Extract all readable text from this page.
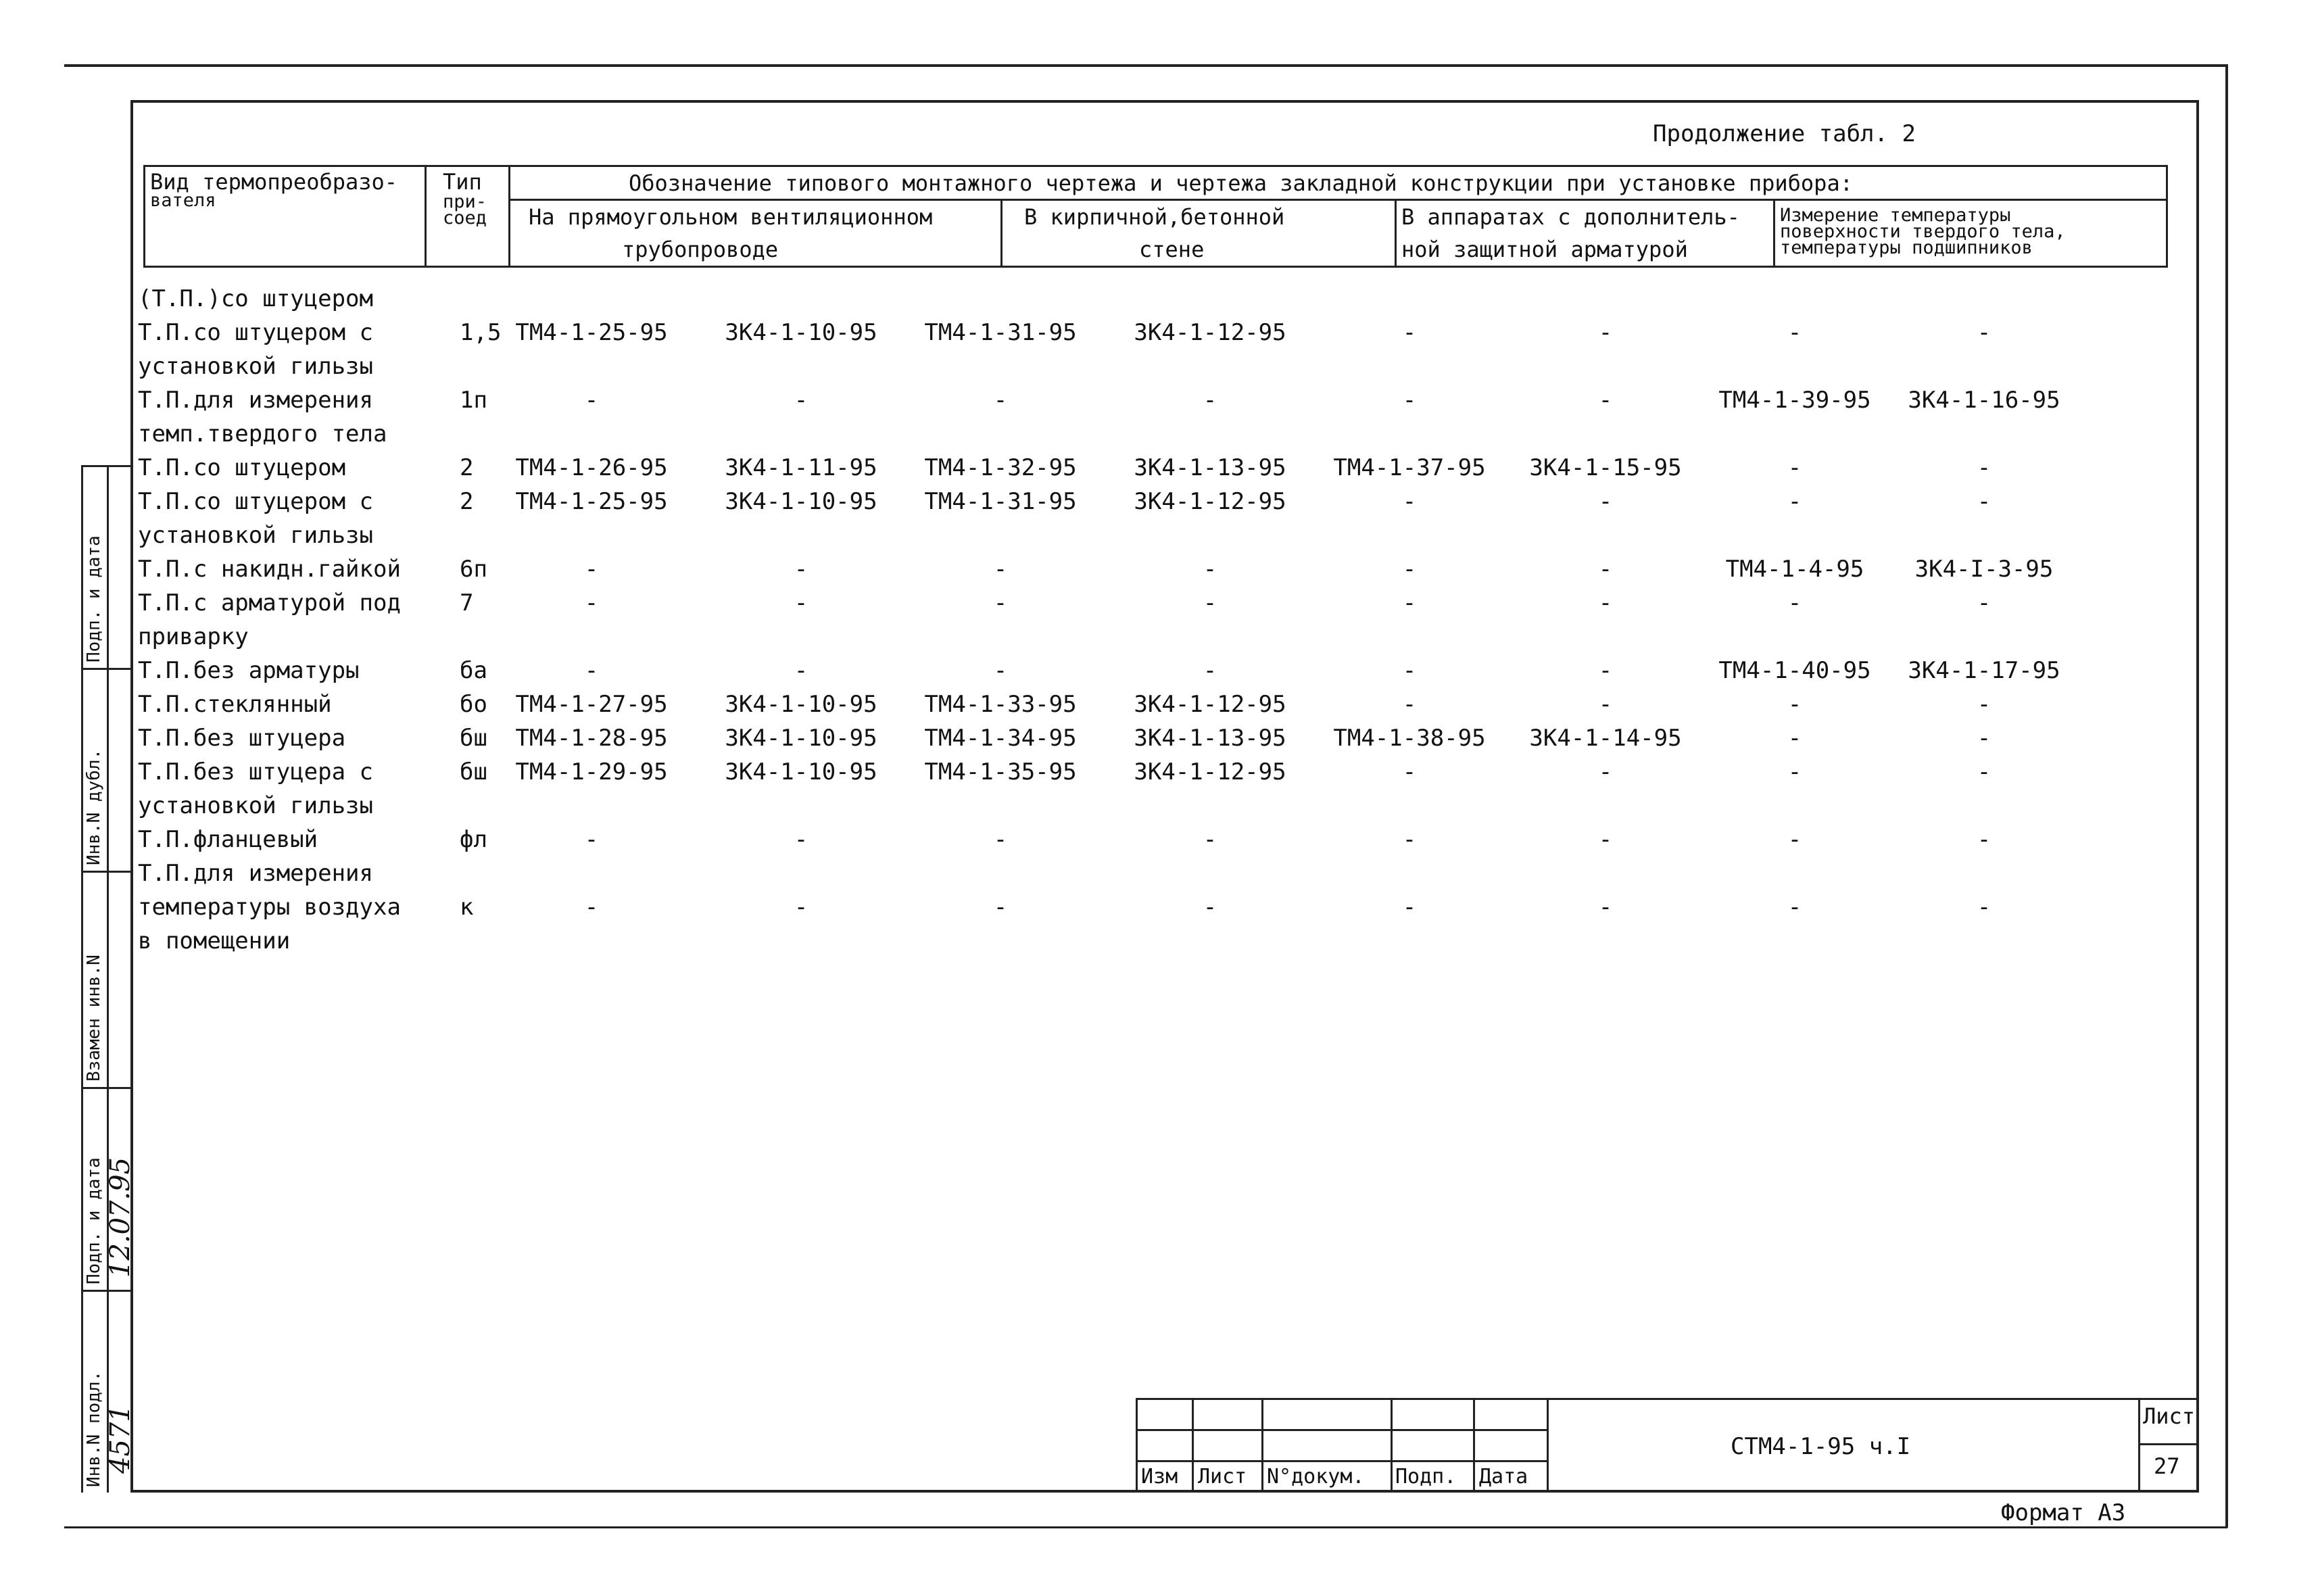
Инв.N подл.
Подп. и дата
Взамен инв.N
Инв.N дубл.
Подп. и дата
4571
12.07.95
Продолжение табл. 2
Вид термопреобразо-
вателя
Тип
при-
соед
Обозначение типового монтажного чертежа и чертежа закладной конструкции при установке прибора:
На прямоугольном вентиляционном
трубопроводе
В кирпичной,бетонной
стене
В аппаратах с дополнитель-
ной защитной арматурой
Измерение температуры
поверхности твердого тела,
температуры подшипников
(Т.П.)со штуцером
Т.П.со штуцером с
установкой гильзы
1,5 ТМ4-1-25-95	ЗК4-1-10-95	ТМ4-1-31-95	ЗК4-1-12-95	-	-	-	-
Т.П.для измерения
темп.твердого тела
1п	-	-	-	-	-	-	ТМ4-1-39-95	ЗК4-1-16-95
Т.П.со штуцером	2	ТМ4-1-26-95	ЗК4-1-11-95	ТМ4-1-32-95	ЗК4-1-13-95	ТМ4-1-37-95	ЗК4-1-15-95	-	-
Т.П.со штуцером с
установкой гильзы
2	ТМ4-1-25-95	ЗК4-1-10-95	ТМ4-1-31-95	ЗК4-1-12-95	-	-	-	-
Т.П.с накидн.гайкой	6п	-	-	-	-	-	-	ТМ4-1-4-95	ЗК4-I-3-95
Т.П.с арматурой под
приварку
7	-	-	-	-	-	-	-	-
Т.П.без арматуры	ба	-	-	-	-	-	-	ТМ4-1-40-95	ЗК4-1-17-95
Т.П.стеклянный	бо	ТМ4-1-27-95	ЗК4-1-10-95	ТМ4-1-33-95	ЗК4-1-12-95	-	-	-	-
Т.П.без штуцера	бш	ТМ4-1-28-95	ЗК4-1-10-95	ТМ4-1-34-95	ЗК4-1-13-95	ТМ4-1-38-95	ЗК4-1-14-95	-	-
Т.П.без штуцера с
установкой гильзы
бш	ТМ4-1-29-95	ЗК4-1-10-95	ТМ4-1-35-95	ЗК4-1-12-95	-	-	-	-
Т.П.фланцевый	фл	-	-	-	-	-	-	-	-
Т.П.для измерения
температуры воздуха
в помещении
к	-	-	-	-	-	-	-	-
Изм Лист N°докум. Подп. Дата
СТМ4-1-95 ч.I
Лист
27
Формат А3
